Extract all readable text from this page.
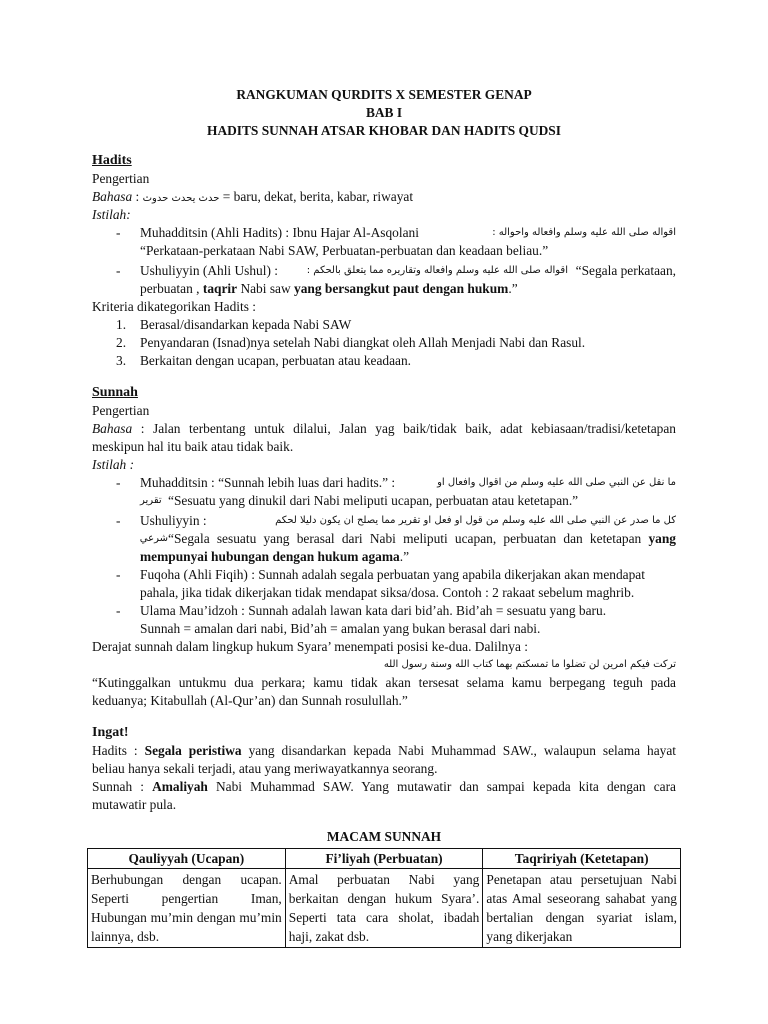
RANGKUMAN QURDITS X SEMESTER GENAP
BAB I
HADITS SUNNAH ATSAR KHOBAR DAN HADITS QUDSI
Hadits
Pengertian
Bahasa : حدث يحدث حدوث = baru, dekat, berita, kabar, riwayat
Istilah:
- Muhadditsin (Ahli Hadits) : Ibnu Hajar Al-Asqolani	اقواله صلى الله عليه وسلم وافعاله واحواله :
“Perkataan-perkataan Nabi SAW, Perbuatan-perbuatan dan keadaan beliau.”
- Ushuliyyin (Ahli Ushul) :	اقواله صلى الله عليه وسلم وافعاله وتقاريره مما يتعلق بالحكم : “Segala perkataan,
perbuatan , taqrir Nabi saw yang bersangkut paut dengan hukum.”
Kriteria dikategorikan Hadits :
1. Berasal/disandarkan kepada Nabi SAW
2. Penyandaran (Isnad)nya setelah Nabi diangkat oleh Allah Menjadi Nabi dan Rasul.
3. Berkaitan dengan ucapan, perbuatan atau keadaan.
Sunnah
Pengertian
Bahasa : Jalan terbentang untuk dilalui, Jalan yag baik/tidak baik, adat kebiasaan/tradisi/ketetapan
meskipun hal itu baik atau tidak baik.
Istilah :
- Muhadditsin : “Sunnah lebih luas dari hadits.” :	ما نقل عن النبي صلى الله عليه وسلم من اقوال وافعال او
تقرير “Sesuatu yang dinukil dari Nabi meliputi ucapan, perbuatan atau ketetapan.”
- Ushuliyyin :	كل ما صدر عن النبي صلى الله عليه وسلم من قول او فعل او تقرير مما يصلح ان يكون دليلا لحكم
شرعي “Segala sesuatu yang berasal dari Nabi meliputi ucapan, perbuatan dan ketetapan yang
mempunyai hubungan dengan hukum agama.”
- Fuqoha (Ahli Fiqih) : Sunnah adalah segala perbuatan yang apabila dikerjakan akan mendapat
pahala, jika tidak dikerjakan tidak mendapat siksa/dosa. Contoh : 2 rakaat sebelum maghrib.
- Ulama Mau’idzoh : Sunnah adalah lawan kata dari bid’ah. Bid’ah = sesuatu yang baru.
Sunnah = amalan dari nabi, Bid’ah = amalan yang bukan berasal dari nabi.
Derajat sunnah dalam lingkup hukum Syara’ menempati posisi ke-dua. Dalilnya :
تركت فيكم امرين لن تضلوا ما تمسكتم بهما كتاب الله وسنة رسول الله
“Kutinggalkan untukmu dua perkara; kamu tidak akan tersesat selama kamu berpegang teguh pada
keduanya; Kitabullah (Al-Qur’an) dan Sunnah rosulullah.”
Ingat!
Hadits : Segala peristiwa yang disandarkan kepada Nabi Muhammad SAW., walaupun selama hayat
beliau hanya sekali terjadi, atau yang meriwayatkannya seorang.
Sunnah : Amaliyah Nabi Muhammad SAW. Yang mutawatir dan sampai kepada kita dengan cara
mutawatir pula.
MACAM SUNNAH
Qauliyyah (Ucapan)	Fi’liyah (Perbuatan)	Taqririyah (Ketetapan)
Berhubungan dengan ucapan. Seperti pengertian Iman, Hubungan mu’min dengan mu’min lainnya, dsb.	Amal perbuatan Nabi yang berkaitan dengan hukum Syara’. Seperti tata cara sholat, ibadah haji, zakat dsb.	Penetapan atau persetujuan Nabi atas Amal seseorang sahabat yang bertalian dengan syariat islam, yang dikerjakan
